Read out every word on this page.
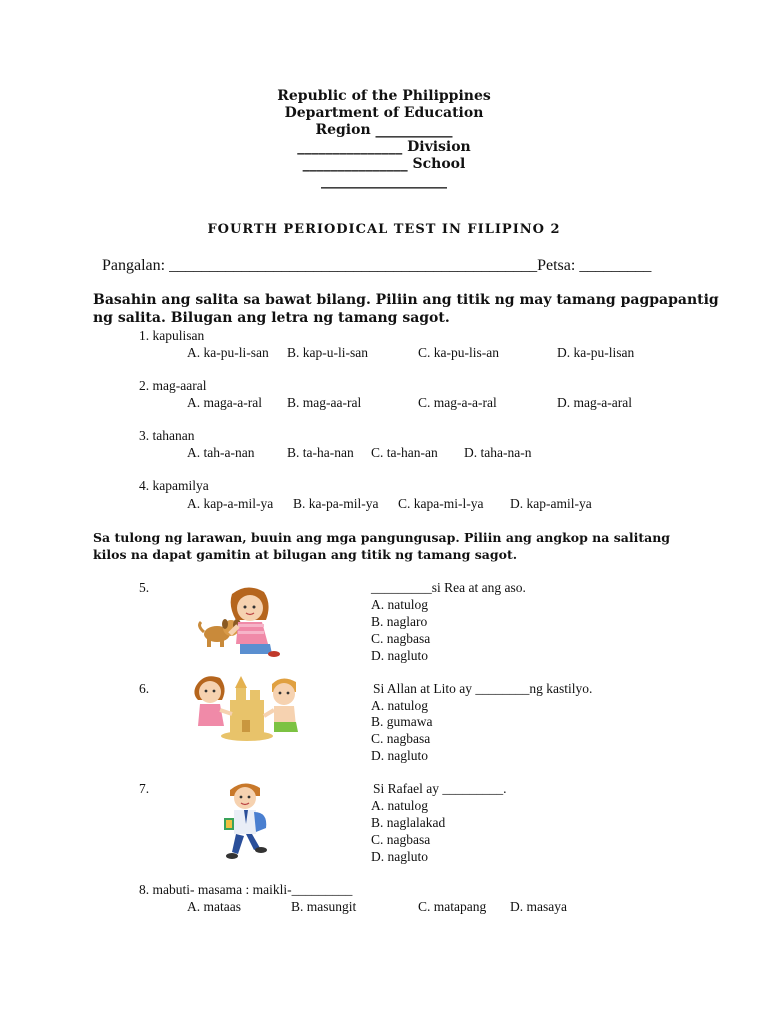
Republic of the Philippines
Department of Education
Region ___________
_______________ Division
_______________ School
__________________
FOURTH PERIODICAL TEST IN FILIPINO 2
Pangalan: ______________________________________________Petsa: _________
Basahin ang salita sa bawat bilang. Piliin ang titik ng may tamang pagpapantig
ng salita. Bilugan ang letra ng tamang sagot.
1. kapulisan
A. ka-pu-li-san B. kap-u-li-san	C. ka-pu-lis-an	D. ka-pu-lisan
2. mag-aaral
A. maga-a-ral B. mag-aa-ral	C. mag-a-a-ral	D. mag-a-aral
3. tahanan
A. tah-a-nan B. ta-ha-nan C. ta-han-an D. taha-na-n
4. kapamilya
A. kap-a-mil-ya B. ka-pa-mil-ya C. kapa-mi-l-ya D. kap-amil-ya
Sa tulong ng larawan, buuin ang mga pangungusap. Piliin ang angkop na salitang
kilos na dapat gamitin at bilugan ang titik ng tamang sagot.
5.	_________si Rea at ang aso.
A. natulog
B. naglaro
C. nagbasa
D. nagluto
6.	Si Allan at Lito ay ________ng kastilyo.
A. natulog
B. gumawa
C. nagbasa
D. nagluto
7.	Si Rafael ay _________.
A. natulog
B. naglalakad
C. nagbasa
D. nagluto
8. mabuti- masama : maikli-_________
A. mataas	B. masungit	C. matapang D. masaya
